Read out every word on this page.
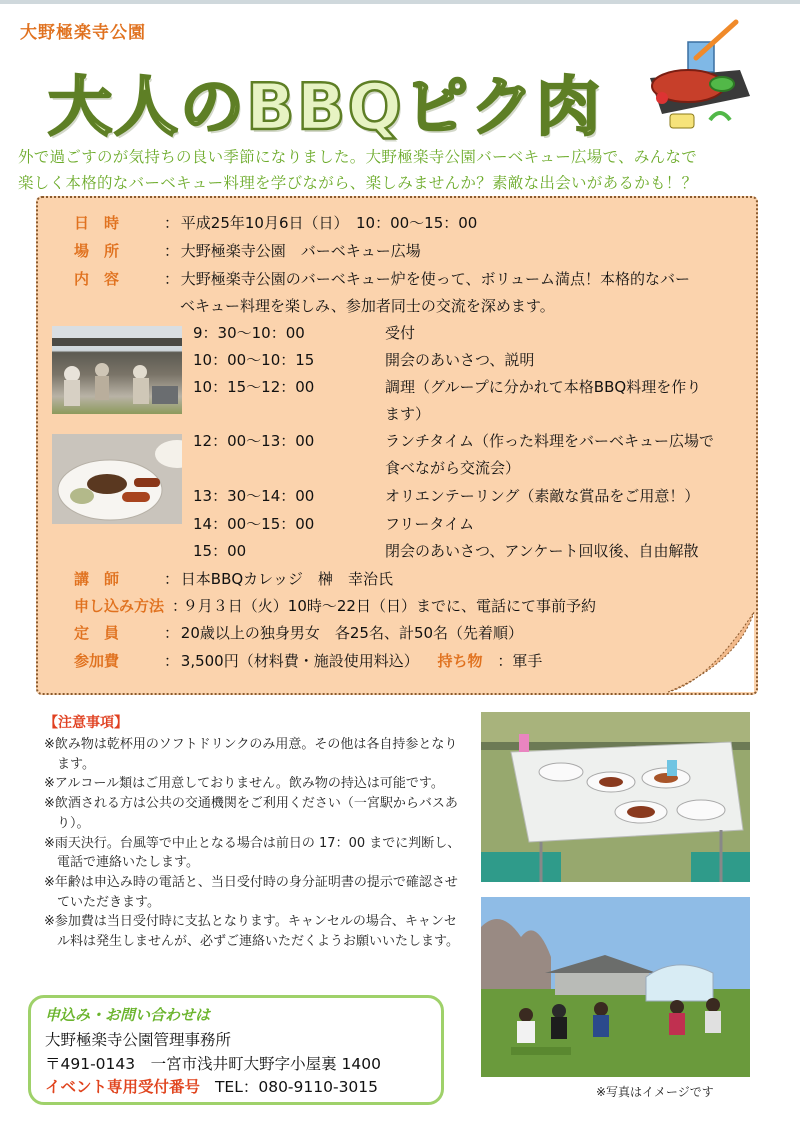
大野極楽寺公園
大人のBBQピク肉
外で過ごすのが気持ちの良い季節になりました。大野極楽寺公園バーベキュー広場で、みんなで
楽しく本格的なバーベキュー料理を学びながら、楽しみませんか？素敵な出会いがあるかも！？
日　時	： 平成25年10月6日（日）　10：00〜15：00
場　所	： 大野極楽寺公園　バーベキュー広場
内　容	： 大野極楽寺公園のバーベキュー炉を使って、ボリューム満点！本格的なバー
ベキュー料理を楽しみ、参加者同士の交流を深めます。
9：30〜10：00	受付
10：00〜10：15	開会のあいさつ、説明
10：15〜12：00	調理（グループに分かれて本格BBQ料理を作り
ます）
12：00〜13：00	ランチタイム（作った料理をバーベキュー広場で
食べながら交流会）
13：30〜14：00	オリエンテーリング（素敵な賞品をご用意！）
14：00〜15：00	フリータイム
15：00	閉会のあいさつ、アンケート回収後、自由解散
講　師	： 日本BBQカレッジ　榊　幸治氏
申し込み方法 ： ９月３日（火）10時〜22日（日）までに、電話にて事前予約
定　員	： 20歳以上の独身男女　各25名、計50名（先着順）
参加費	： 3,500円（材料費・施設使用料込） 持ち物 ：軍手
【注意事項】
※飲み物は乾杯用のソフトドリンクのみ用意。その他は各自持参となります。
※アルコール類はご用意しておりません。飲み物の持込は可能です。
※飲酒される方は公共の交通機関をご利用ください（一宮駅からバスあり）。
※雨天決行。台風等で中止となる場合は前日の 17：00 までに判断し、電話で連絡いたします。
※年齢は申込み時の電話と、当日受付時の身分証明書の提示で確認させていただきます。
※参加費は当日受付時に支払となります。キャンセルの場合、キャンセル料は発生しませんが、必ずご連絡いただくようお願いいたします。
申込み・お問い合わせは
大野極楽寺公園管理事務所
〒491-0143　一宮市浅井町大野字小屋裏 1400
イベント専用受付番号 TEL：080-9110-3015	※写真はイメージです
